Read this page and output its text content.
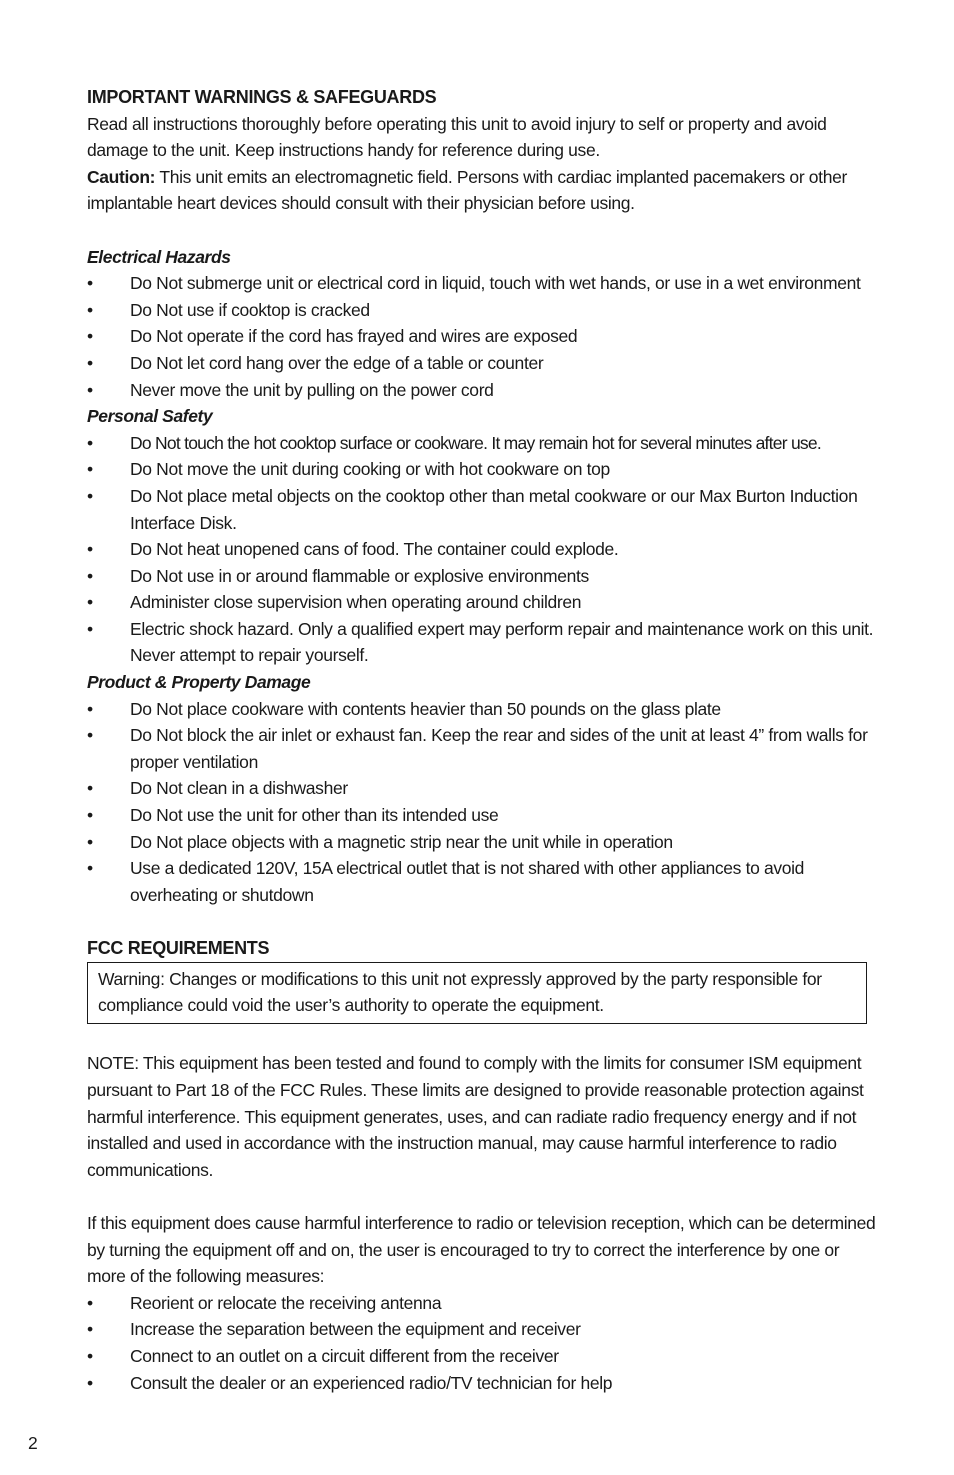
IMPORTANT WARNINGS & SAFEGUARDS

Read all instructions thoroughly before operating this unit to avoid injury to self or property and avoid damage to the unit. Keep instructions handy for reference during use.

Caution: This unit emits an electromagnetic field. Persons with cardiac implanted pacemakers or other implantable heart devices should consult with their physician before using.

Electrical Hazards
• Do Not submerge unit or electrical cord in liquid, touch with wet hands, or use in a wet environment
• Do Not use if cooktop is cracked
• Do Not operate if the cord has frayed and wires are exposed
• Do Not let cord hang over the edge of a table or counter
• Never move the unit by pulling on the power cord
Personal Safety
• Do Not touch the hot cooktop surface or cookware. It may remain hot for several minutes after use.
• Do Not move the unit during cooking or with hot cookware on top
• Do Not place metal objects on the cooktop other than metal cookware or our Max Burton Induction Interface Disk.
• Do Not heat unopened cans of food. The container could explode.
• Do Not use in or around flammable or explosive environments
• Administer close supervision when operating around children
• Electric shock hazard. Only a qualified expert may perform repair and maintenance work on this unit. Never attempt to repair yourself.
Product & Property Damage
• Do Not place cookware with contents heavier than 50 pounds on the glass plate
• Do Not block the air inlet or exhaust fan. Keep the rear and sides of the unit at least 4” from walls for proper ventilation
• Do Not clean in a dishwasher
• Do Not use the unit for other than its intended use
• Do Not place objects with a magnetic strip near the unit while in operation
• Use a dedicated 120V, 15A electrical outlet that is not shared with other appliances to avoid overheating or shutdown
FCC REQUIREMENTS
Warning: Changes or modifications to this unit not expressly approved by the party responsible for compliance could void the user’s authority to operate the equipment.

NOTE: This equipment has been tested and found to comply with the limits for consumer ISM equipment pursuant to Part 18 of the FCC Rules. These limits are designed to provide reasonable protection against harmful interference. This equipment generates, uses, and can radiate radio frequency energy and if not installed and used in accordance with the instruction manual, may cause harmful interference to radio communications.

If this equipment does cause harmful interference to radio or television reception, which can be determined by turning the equipment off and on, the user is encouraged to try to correct the interference by one or more of the following measures:

• Reorient or relocate the receiving antenna
• Increase the separation between the equipment and receiver
• Connect to an outlet on a circuit different from the receiver
• Consult the dealer or an experienced radio/TV technician for help
2
